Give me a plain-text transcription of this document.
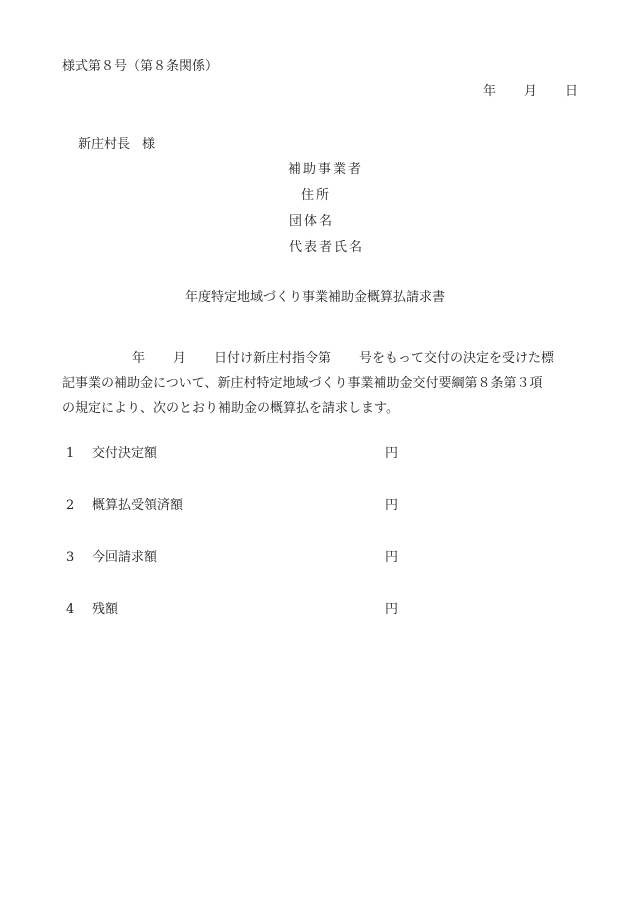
様式第８号（第８条関係）
年 月 日
新庄村長 様
補助事業者
住所
団体名
代表者氏名
年度特定地域づくり事業補助金概算払請求書
年 月 日付け新庄村指令第 号をもって交付の決定を受けた標
記事業の補助金について、新庄村特定地域づくり事業補助金交付要綱第８条第３項
の規定により、次のとおり補助金の概算払を請求します。
1 交付決定額	円
2 概算払受領済額	円
3 今回請求額	円
4 残額	円
